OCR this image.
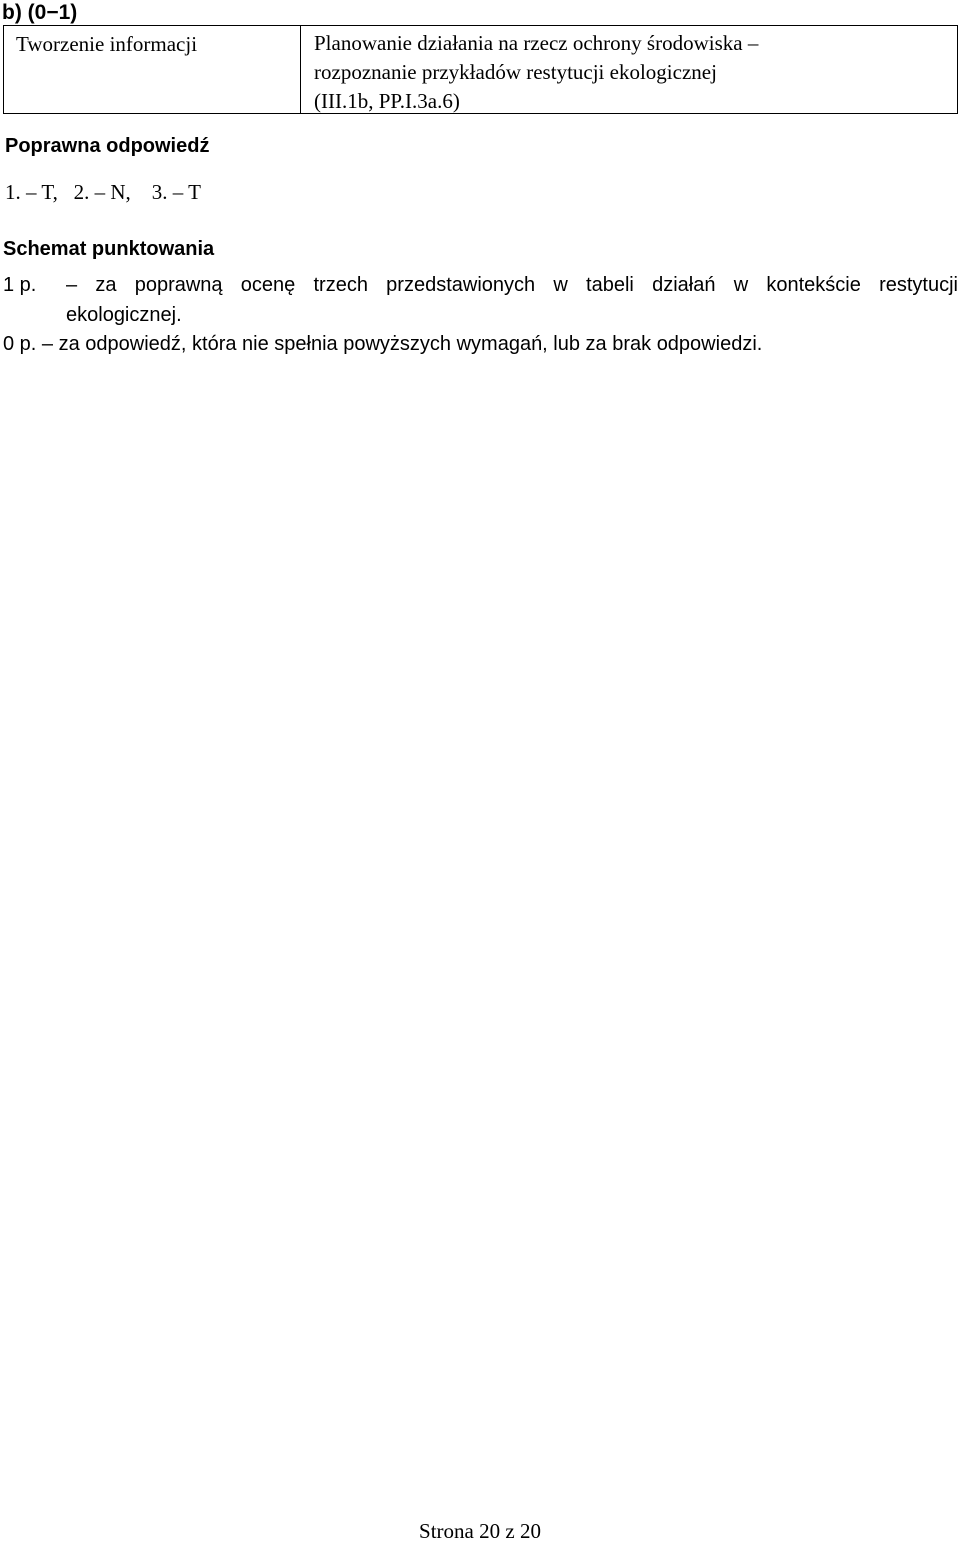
b) (0−1)
Tworzenie informacji	Planowanie działania na rzecz ochrony środowiska –
rozpoznanie przykładów restytucji ekologicznej
(III.1b, PP.I.3a.6)
Poprawna odpowiedź
1. – T,   2. – N,    3. – T
Schemat punktowania
1 p. – za poprawną ocenę trzech przedstawionych w tabeli działań w kontekście restytucji
ekologicznej.
0 p. – za odpowiedź, która nie spełnia powyższych wymagań, lub za brak odpowiedzi.
Strona 20 z 20
